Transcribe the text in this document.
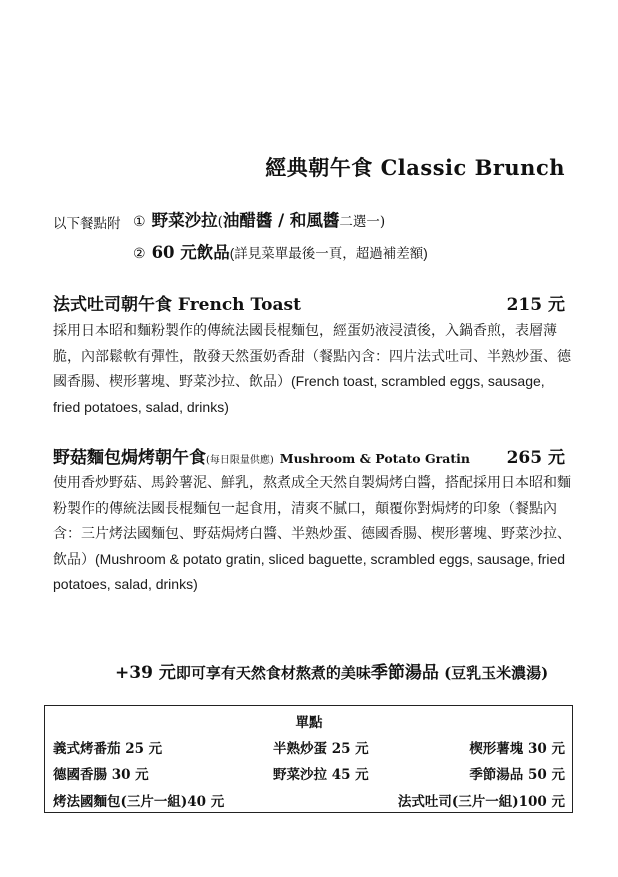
經典朝午食 Classic Brunch
以下餐點附 ① 野菜沙拉(油醋醬 / 和風醬二選一)
② 60 元飲品(詳見菜單最後一頁，超過補差額)
法式吐司朝午食 French Toast	215 元
採用日本昭和麵粉製作的傳統法國長棍麵包，經蛋奶液浸漬後，入鍋香煎，表層薄脆，內部鬆軟有彈性，散發天然蛋奶香甜（餐點內含：四片法式吐司、半熟炒蛋、德國香腸、楔形薯塊、野菜沙拉、飲品）(French toast, scrambled eggs, sausage, fried potatoes, salad, drinks)
野菇麵包焗烤朝午食(每日限量供應) Mushroom & Potato Gratin 265 元
使用香炒野菇、馬鈴薯泥、鮮乳，熬煮成全天然自製焗烤白醬，搭配採用日本昭和麵粉製作的傳統法國長棍麵包一起食用，清爽不膩口，顛覆你對焗烤的印象（餐點內含：三片烤法國麵包、野菇焗烤白醬、半熟炒蛋、德國香腸、楔形薯塊、野菜沙拉、飲品）(Mushroom & potato gratin, sliced baguette, scrambled eggs, sausage, fried potatoes, salad, drinks)
+39 元即可享有天然食材熬煮的美味季節湯品 (豆乳玉米濃湯)
單點
義式烤番茄 25 元	半熟炒蛋 25 元	楔形薯塊 30 元
德國香腸 30 元	野菜沙拉 45 元	季節湯品 50 元
烤法國麵包(三片一組)40 元	法式吐司(三片一組)100 元
